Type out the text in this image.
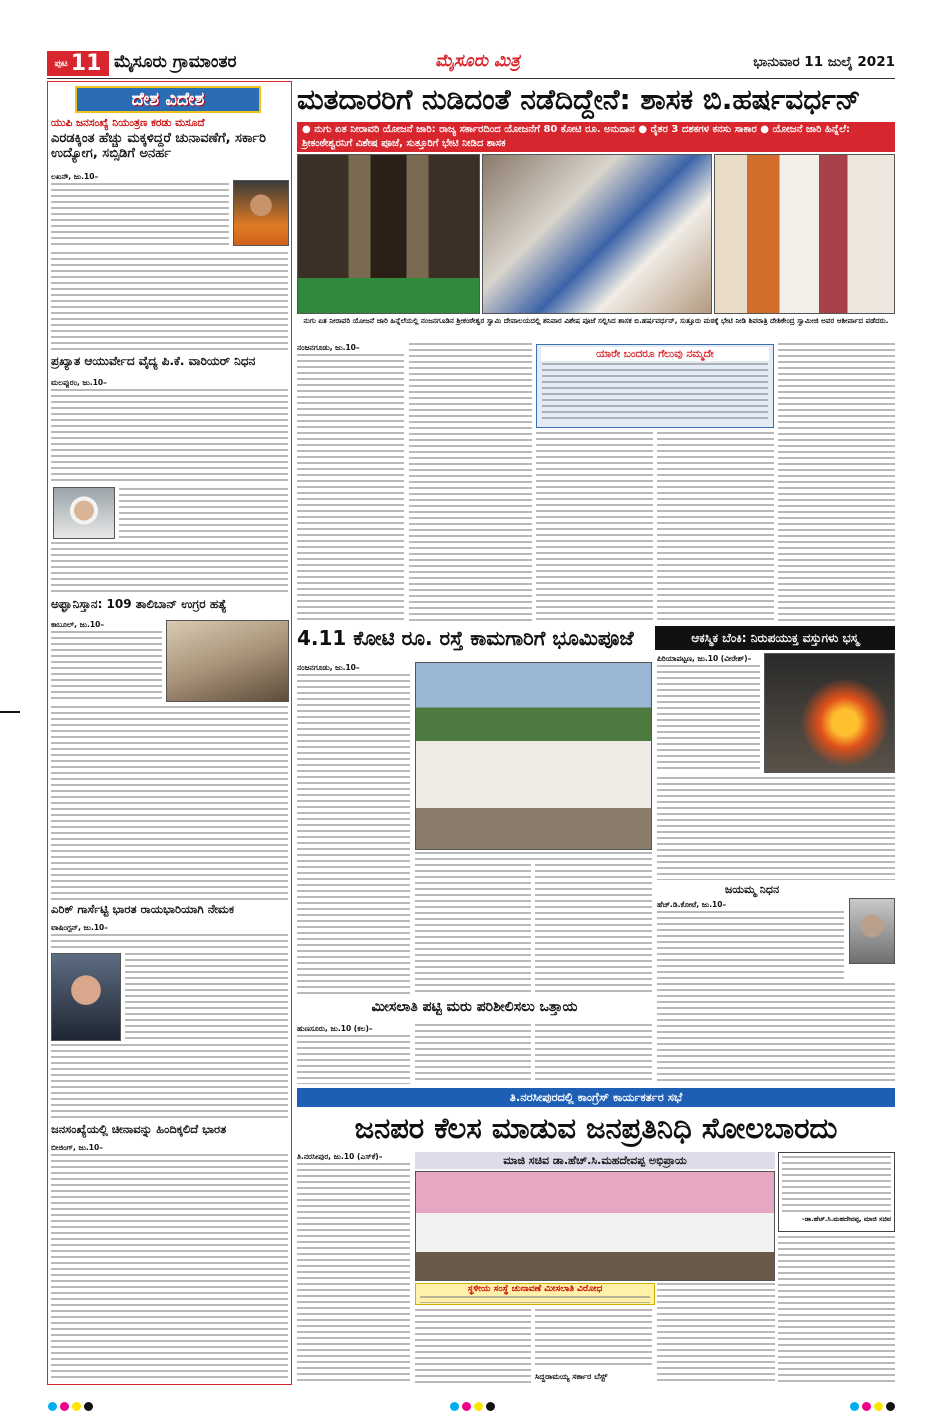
ಪುಟ 11 ಮೈಸೂರು ಗ್ರಾಮಾಂತರ	ಮೈಸೂರು ಮಿತ್ರ	ಭಾನುವಾರ 11 ಜುಲೈ 2021
ದೇಶ ವಿದೇಶ
ಯುಪಿ ಜನಸಂಖ್ಯೆ ನಿಯಂತ್ರಣ ಕರಡು ಮಸೂದೆ
ಎರಡಕ್ಕಿಂತ ಹೆಚ್ಚು ಮಕ್ಕಳಿದ್ದರೆ ಚುನಾವಣೆಗೆ, ಸರ್ಕಾರಿ ಉದ್ಯೋಗ, ಸಬ್ಸಿಡಿಗೆ ಅನರ್ಹ
ಲಖನೌ, ಜು.10–
ಪ್ರಖ್ಯಾತ ಆಯುರ್ವೇದ ವೈದ್ಯ ಪಿ.ಕೆ. ವಾರಿಯರ್ ನಿಧನ
ಮಲಪ್ಪುರಂ, ಜು.10–
ಅಫ್ಘಾನಿಸ್ತಾನ: 109 ತಾಲಿಬಾನ್ ಉಗ್ರರ ಹತ್ಯೆ
ಕಾಬೂಲ್, ಜು.10–
ಎರಿಕ್ ಗಾರ್ಸೆಟ್ಟಿ ಭಾರತ ರಾಯಭಾರಿಯಾಗಿ ನೇಮಕ
ವಾಷಿಂಗ್ಟನ್, ಜು.10–
ಜನಸಂಖ್ಯೆಯಲ್ಲಿ ಚೀನಾವನ್ನು ಹಿಂದಿಕ್ಕಲಿದೆ ಭಾರತ
ಬೀಜಿಂಗ್, ಜು.10–
ಮತದಾರರಿಗೆ ನುಡಿದಂತೆ ನಡೆದಿದ್ದೇನೆ: ಶಾಸಕ ಬಿ.ಹರ್ಷವರ್ಧನ್
● ನುಗು ಏತ ನೀರಾವರಿ ಯೋಜನೆ ಜಾರಿ: ರಾಜ್ಯ ಸರ್ಕಾರದಿಂದ ಯೋಜನೆಗೆ 80 ಕೋಟಿ ರೂ. ಅನುದಾನ ● ರೈತರ 3 ದಶಕಗಳ ಕನಸು ಸಾಕಾರ ● ಯೋಜನೆ ಜಾರಿ ಹಿನ್ನೆಲೆ: ಶ್ರೀಕಂಠೇಶ್ವರನಿಗೆ ವಿಶೇಷ ಪೂಜೆ, ಸುತ್ತೂರಿಗೆ ಭೇಟಿ ನೀಡಿದ ಶಾಸಕ
ನುಗು ಏತ ನೀರಾವರಿ ಯೋಜನೆ ಜಾರಿ ಹಿನ್ನೆಲೆಯಲ್ಲಿ ನಂಜನಗೂಡಿನ ಶ್ರೀಕಂಠೇಶ್ವರ ಸ್ವಾಮಿ ದೇವಾಲಯದಲ್ಲಿ ಶನಿವಾರ ವಿಶೇಷ ಪೂಜೆ ಸಲ್ಲಿಸಿದ ಶಾಸಕ ಬಿ.ಹರ್ಷವರ್ಧನ್, ಸುತ್ತೂರು ಮಠಕ್ಕೆ ಭೇಟಿ ನೀಡಿ ಶಿವರಾತ್ರಿ ದೇಶಿಕೇಂದ್ರ ಸ್ವಾಮೀಜಿ ಅವರ ಆಶೀರ್ವಾದ ಪಡೆದರು.
ನಂಜನಗೂಡು, ಜು.10–
ಯಾರೇ ಬಂದರೂ ಗೆಲುವು ನಮ್ಮದೇ
4.11 ಕೋಟಿ ರೂ. ರಸ್ತೆ ಕಾಮಗಾರಿಗೆ ಭೂಮಿಪೂಜೆ
ನಂಜನಗೂಡು, ಜು.10–
ಮೀಸಲಾತಿ ಪಟ್ಟಿ ಮರು ಪರಿಶೀಲಿಸಲು ಒತ್ತಾಯ
ಹುಣಸೂರು, ಜು.10 (ಕಲ)–
ಆಕಸ್ಮಿಕ ಬೆಂಕಿ: ನಿರುಪಯುಕ್ತ ವಸ್ತುಗಳು ಭಸ್ಮ
ಪಿರಿಯಾಪಟ್ಟಣ, ಜು.10 (ವೀರೇಶ್)–
ಜಯಮ್ಮ ನಿಧನ
ಹೆಚ್.ಡಿ.ಕೋಟೆ, ಜು.10–
ತಿ.ನರಸೀಪುರದಲ್ಲಿ ಕಾಂಗ್ರೆಸ್ ಕಾರ್ಯಕರ್ತರ ಸಭೆ
ಜನಪರ ಕೆಲಸ ಮಾಡುವ ಜನಪ್ರತಿನಿಧಿ ಸೋಲಬಾರದು
ತಿ.ನರಸೀಪುರ, ಜು.10 (ಎಸ್‌ಕೆ)–	ಮಾಜಿ ಸಚಿವ ಡಾ.ಹೆಚ್.ಸಿ.ಮಹದೇವಪ್ಪ ಅಭಿಪ್ರಾಯ
ಸ್ಥಳೀಯ ಸಂಸ್ಥೆ ಚುನಾವಣೆ ಮೀಸಲಾತಿ ವಿರೋಧ
ಸಿದ್ದರಾಮಯ್ಯ ಸರ್ಕಾರ ಬೆಸ್ಟ್
-ಡಾ.ಹೆಚ್.ಸಿ.ಮಹದೇವಪ್ಪ, ಮಾಜಿ ಸಚಿವ
